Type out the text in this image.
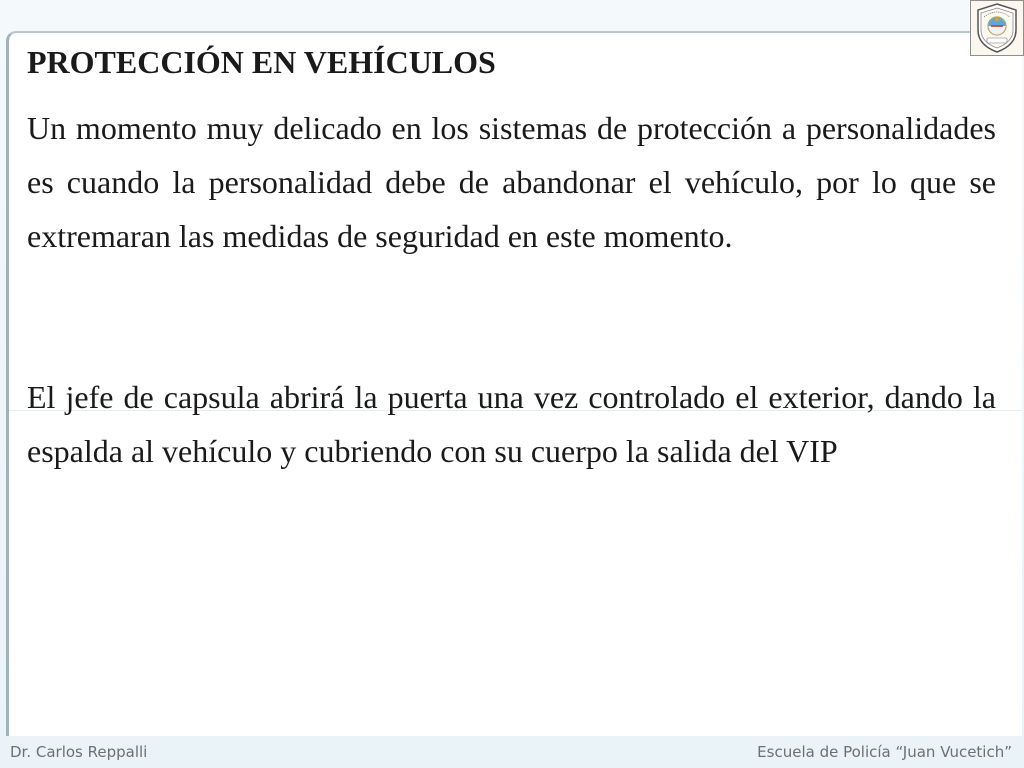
PROTECCIÓN EN VEHÍCULOS

Un momento muy delicado en los sistemas de protección a personalidades es cuando la personalidad debe de abandonar el vehículo, por lo que se extremaran las medidas de seguridad en este momento.

El jefe de capsula abrirá la puerta una vez controlado el exterior, dando la espalda al vehículo y cubriendo con su cuerpo la salida del VIP

Dr. Carlos Reppalli	Escuela de Policía “Juan Vucetich”
